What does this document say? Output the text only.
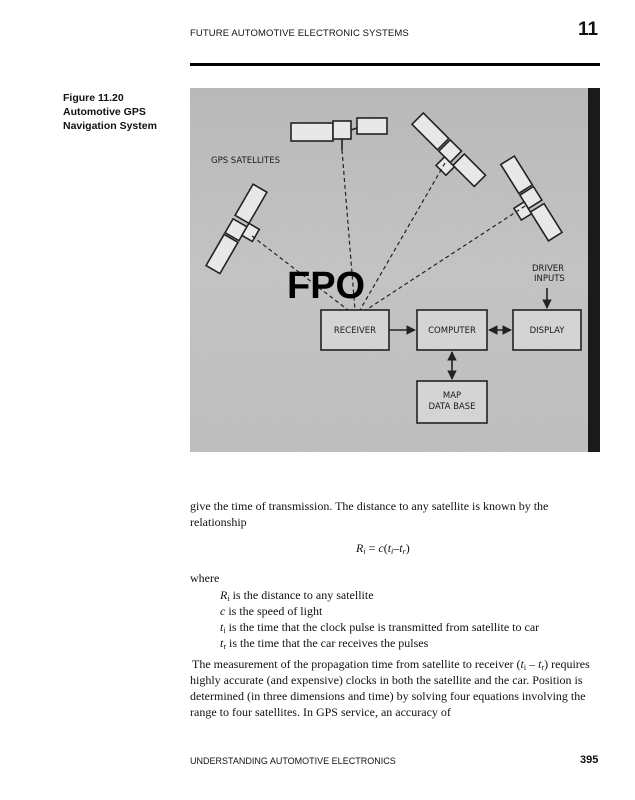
FUTURE AUTOMOTIVE ELECTRONIC SYSTEMS	11
Figure 11.20
Automotive GPS
Navigation System
GPS SATELLITES
DRIVER
INPUTS
RECEIVER	COMPUTER	DISPLAY
MAP
DATA BASE
FPO
give the time of transmission. The distance to any satellite is known by the relationship
$R_i = c(t_i-t_r)$
where
$R_i$ is the distance to any satellite
c is the speed of light
$t_i$ is the time that the clock pulse is transmitted from satellite to car
$t_r$ is the time that the car receives the pulses
The measurement of the propagation time from satellite to receiver $(t_i - t_r)$ requires highly accurate (and expensive) clocks in both the satellite and the car. Position is determined (in three dimensions and time) by solving four equations involving the range to four satellites. In GPS service, an accuracy of
UNDERSTANDING AUTOMOTIVE ELECTRONICS	395
